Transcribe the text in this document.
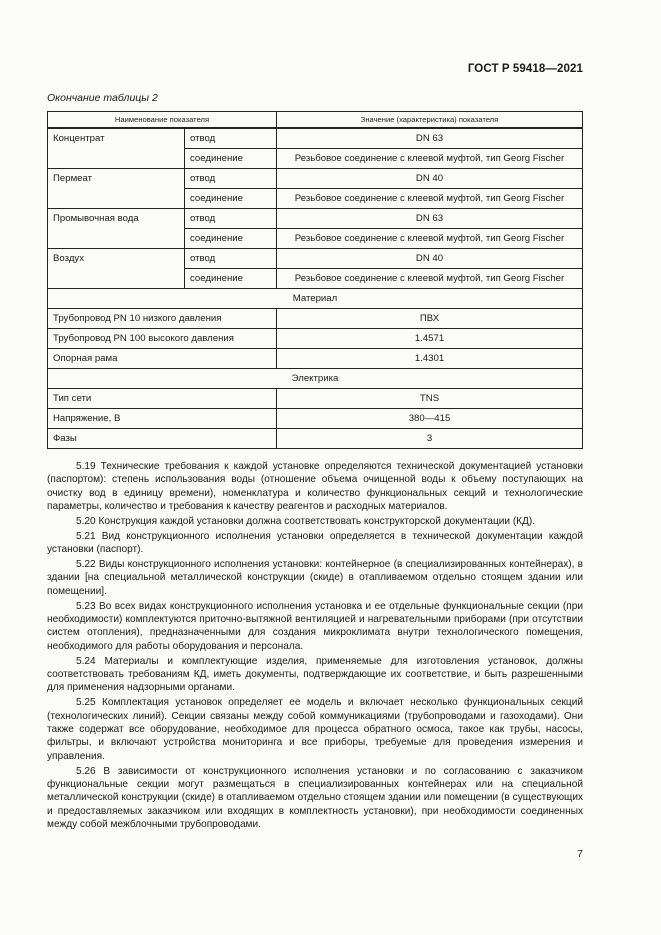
ГОСТ Р 59418—2021
Окончание таблицы 2
Наименование показателя		Значение (характеристика) показателя
Концентрат	отвод	DN 63
	соединение	Резьбовое соединение с клеевой муфтой, тип Georg Fischer
Пермеат	отвод	DN 40
	соединение	Резьбовое соединение с клеевой муфтой, тип Georg Fischer
Промывочная вода	отвод	DN 63
	соединение	Резьбовое соединение с клеевой муфтой, тип Georg Fischer
Воздух	отвод	DN 40
	соединение	Резьбовое соединение с клеевой муфтой, тип Georg Fischer
Материал		
Трубопровод PN 10 низкого давления		ПВХ
Трубопровод PN 100 высокого давления		1.4571
Опорная рама		1.4301
Электрика		
Тип сети		TNS
Напряжение, В		380—415
Фазы		3

5.19 Технические требования к каждой установке определяются технической документацией установки (паспортом): степень использования воды (отношение объема очищенной воды к объему поступающих на очистку вод в единицу времени), номенклатура и количество функциональных секций и технологические параметры, количество и требования к качеству реагентов и расходных материалов.

5.20 Конструкция каждой установки должна соответствовать конструкторской документации (КД).

5.21 Вид конструкционного исполнения установки определяется в технической документации каждой установки (паспорт).

5.22 Виды конструкционного исполнения установки: контейнерное (в специализированных контейнерах), в здании [на специальной металлической конструкции (скиде) в отапливаемом отдельно стоящем здании или помещении].

5.23 Во всех видах конструкционного исполнения установка и ее отдельные функциональные секции (при необходимости) комплектуются приточно-вытяжной вентиляцией и нагревательными приборами (при отсутствии систем отопления), предназначенными для создания микроклимата внутри технологического помещения, необходимого для работы оборудования и персонала.

5.24 Материалы и комплектующие изделия, применяемые для изготовления установок, должны соответствовать требованиям КД, иметь документы, подтверждающие их соответствие, и быть разрешенными для применения надзорными органами.

5.25 Комплектация установок определяет ее модель и включает несколько функциональных секций (технологических линий). Секции связаны между собой коммуникациями (трубопроводами и газоходами). Они также содержат все оборудование, необходимое для процесса обратного осмоса, такое как трубы, насосы, фильтры, и включают устройства мониторинга и все приборы, требуемые для проведения измерения и управления.

5.26 В зависимости от конструкционного исполнения установки и по согласованию с заказчиком функциональные секции могут размещаться в специализированных контейнерах или на специальной металлической конструкции (скиде) в отапливаемом отдельно стоящем здании или помещении (в существующих и предоставляемых заказчиком или входящих в комплектность установки), при необходимости соединенных между собой межблочными трубопроводами.

7
